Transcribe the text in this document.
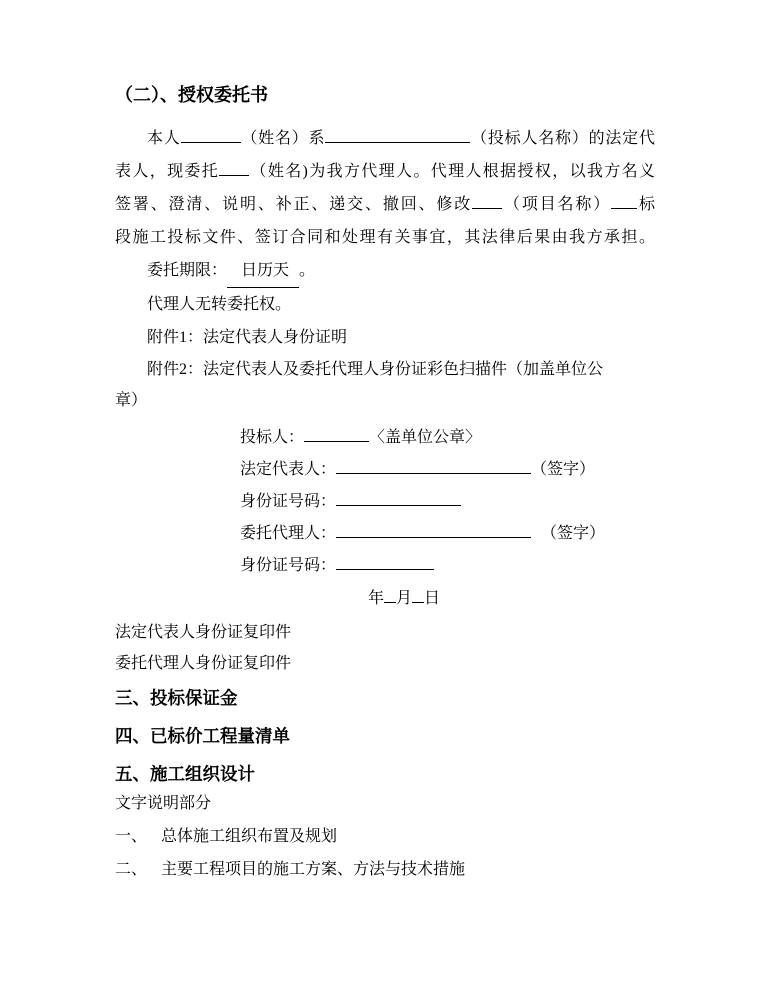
（二）、授权委托书
本人	（姓名）系	（投标人名称）的法定代
表人，现委托 （姓名)为我方代理人。代理人根据授权，以我方名义
签署、澄清、说明、补正、递交、撤回、修改 （项目名称） 标
段施工投标文件、签订合同和处理有关事宜，其法律后果由我方承担。
委托期限： 日历天 。
代理人无转委托权。
附件1：法定代表人身份证明
附件2：法定代表人及委托代理人身份证彩色扫描件（加盖单位公
章）
投标人：	〈盖单位公章〉
法定代表人：	（签字）
身份证号码：
委托代理人：	（签字）
身份证号码：
年 月 日
法定代表人身份证复印件
委托代理人身份证复印件
三、投标保证金
四、已标价工程量清单
五、施工组织设计
文字说明部分
一、 总体施工组织布置及规划
二、 主要工程项目的施工方案、方法与技术措施
